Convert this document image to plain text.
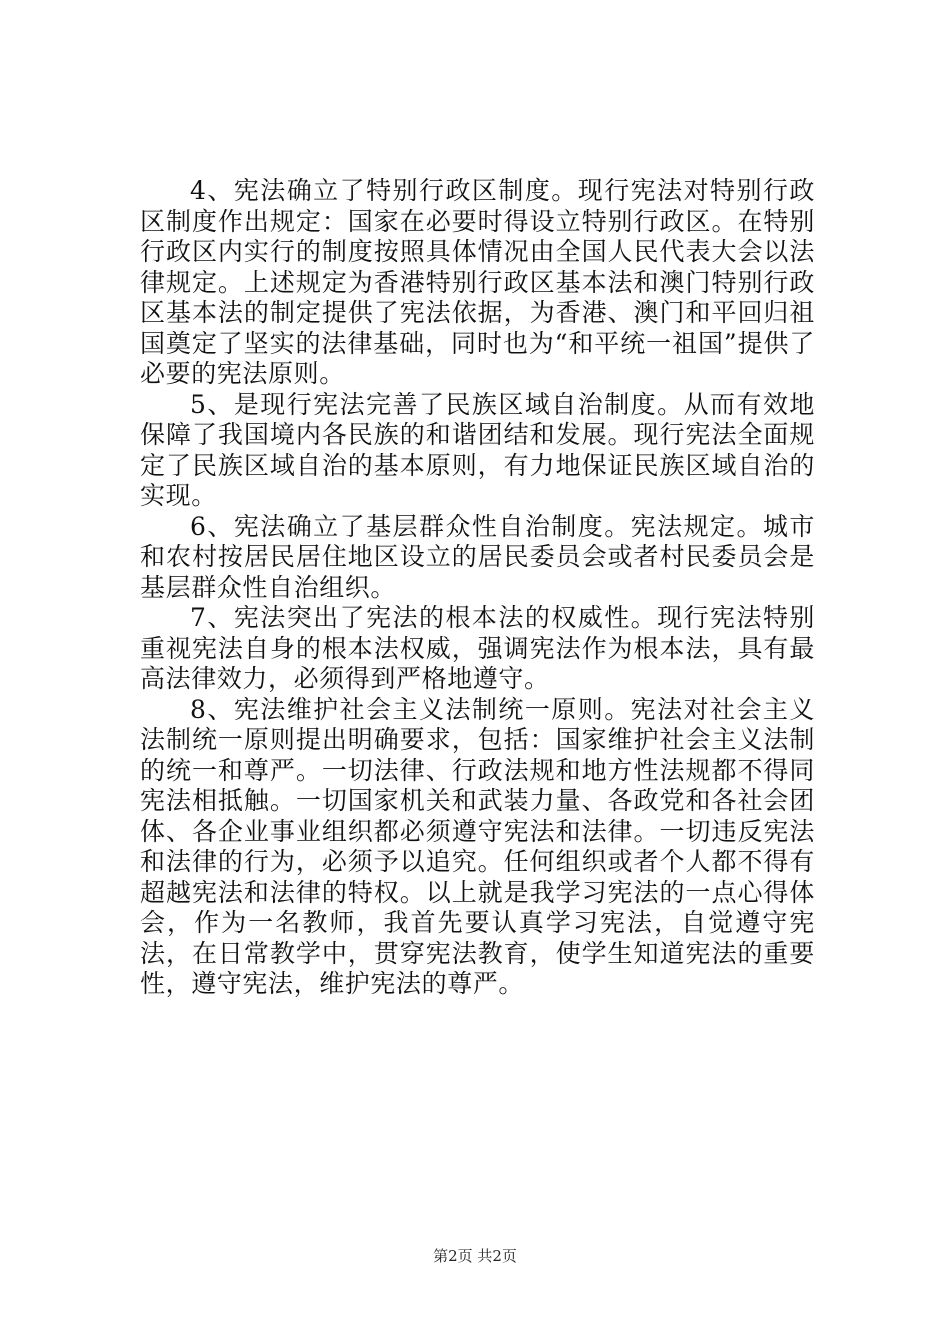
4、宪法确立了特别行政区制度。现行宪法对特别行政区制度作出规定：国家在必要时得设立特别行政区。在特别行政区内实行的制度按照具体情况由全国人民代表大会以法律规定。上述规定为香港特别行政区基本法和澳门特别行政区基本法的制定提供了宪法依据，为香港、澳门和平回归祖国奠定了坚实的法律基础，同时也为“和平统一祖国”提供了必要的宪法原则。

5、是现行宪法完善了民族区域自治制度。从而有效地保障了我国境内各民族的和谐团结和发展。现行宪法全面规定了民族区域自治的基本原则，有力地保证民族区域自治的实现。

6、宪法确立了基层群众性自治制度。宪法规定。城市和农村按居民居住地区设立的居民委员会或者村民委员会是基层群众性自治组织。

7、宪法突出了宪法的根本法的权威性。现行宪法特别重视宪法自身的根本法权威，强调宪法作为根本法，具有最高法律效力，必须得到严格地遵守。

8、宪法维护社会主义法制统一原则。宪法对社会主义法制统一原则提出明确要求，包括：国家维护社会主义法制的统一和尊严。一切法律、行政法规和地方性法规都不得同宪法相抵触。一切国家机关和武装力量、各政党和各社会团体、各企业事业组织都必须遵守宪法和法律。一切违反宪法和法律的行为，必须予以追究。任何组织或者个人都不得有超越宪法和法律的特权。以上就是我学习宪法的一点心得体会，作为一名教师，我首先要认真学习宪法，自觉遵守宪法，在日常教学中，贯穿宪法教育，使学生知道宪法的重要性，遵守宪法，维护宪法的尊严。

第2页 共2页
